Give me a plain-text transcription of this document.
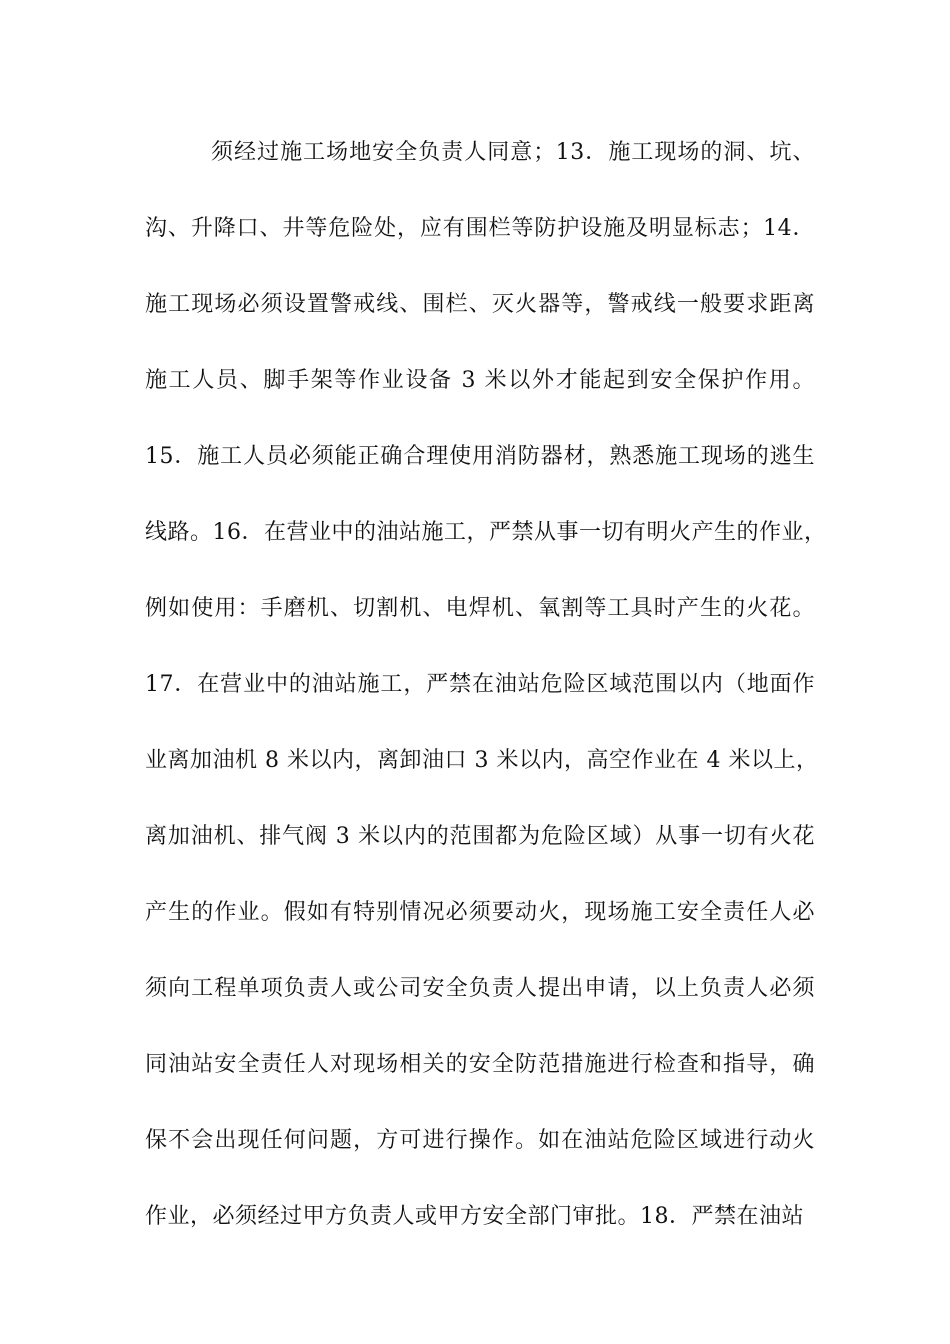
须经过施工场地安全负责人同意；13．施工现场的洞、坑、
沟、升降口、井等危险处，应有围栏等防护设施及明显标志；14．
施工现场必须设置警戒线、围栏、灭火器等，警戒线一般要求距离
施工人员、脚手架等作业设备 3 米以外才能起到安全保护作用。
15．施工人员必须能正确合理使用消防器材，熟悉施工现场的逃生
线路。16．在营业中的油站施工，严禁从事一切有明火产生的作业，
例如使用：手磨机、切割机、电焊机、氧割等工具时产生的火花。
17．在营业中的油站施工，严禁在油站危险区域范围以内（地面作
业离加油机 8 米以内，离卸油口 3 米以内，高空作业在 4 米以上，
离加油机、排气阀 3 米以内的范围都为危险区域）从事一切有火花
产生的作业。假如有特别情况必须要动火，现场施工安全责任人必
须向工程单项负责人或公司安全负责人提出申请，以上负责人必须
同油站安全责任人对现场相关的安全防范措施进行检查和指导，确
保不会出现任何问题，方可进行操作。如在油站危险区域进行动火
作业，必须经过甲方负责人或甲方安全部门审批。18．严禁在油站
